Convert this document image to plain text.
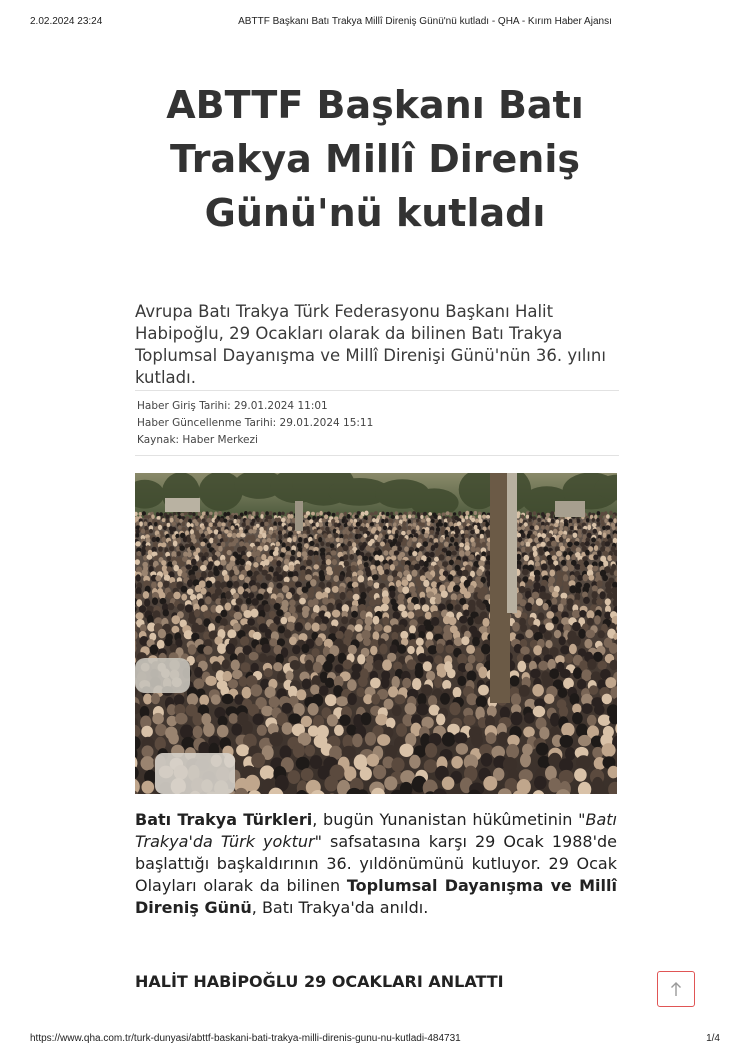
2.02.2024 23:24	ABTTF Başkanı Batı Trakya Millî Direniş Günü'nü kutladı - QHA - Kırım Haber Ajansı
ABTTF Başkanı Batı Trakya Millî Direniş Günü'nü kutladı

Avrupa Batı Trakya Türk Federasyonu Başkanı Halit Habipoğlu, 29 Ocakları olarak da bilinen Batı Trakya Toplumsal Dayanışma ve Millî Direnişi Günü'nün 36. yılını kutladı.

Haber Giriş Tarihi: 29.01.2024 11:01
Haber Güncellenme Tarihi: 29.01.2024 15:11
Kaynak: Haber Merkezi

Batı Trakya Türkleri, bugün Yunanistan hükûmetinin "Batı Trakya'da Türk yoktur" safsatasına karşı 29 Ocak 1988'de başlattığı başkaldırının 36. yıldönümünü kutluyor. 29 Ocak Olayları olarak da bilinen Toplumsal Dayanışma ve Millî Direniş Günü, Batı Trakya'da anıldı.

HALİT HABİPOĞLU 29 OCAKLARI ANLATTI
https://www.qha.com.tr/turk-dunyasi/abttf-baskani-bati-trakya-milli-direnis-gunu-nu-kutladi-484731	1/4
